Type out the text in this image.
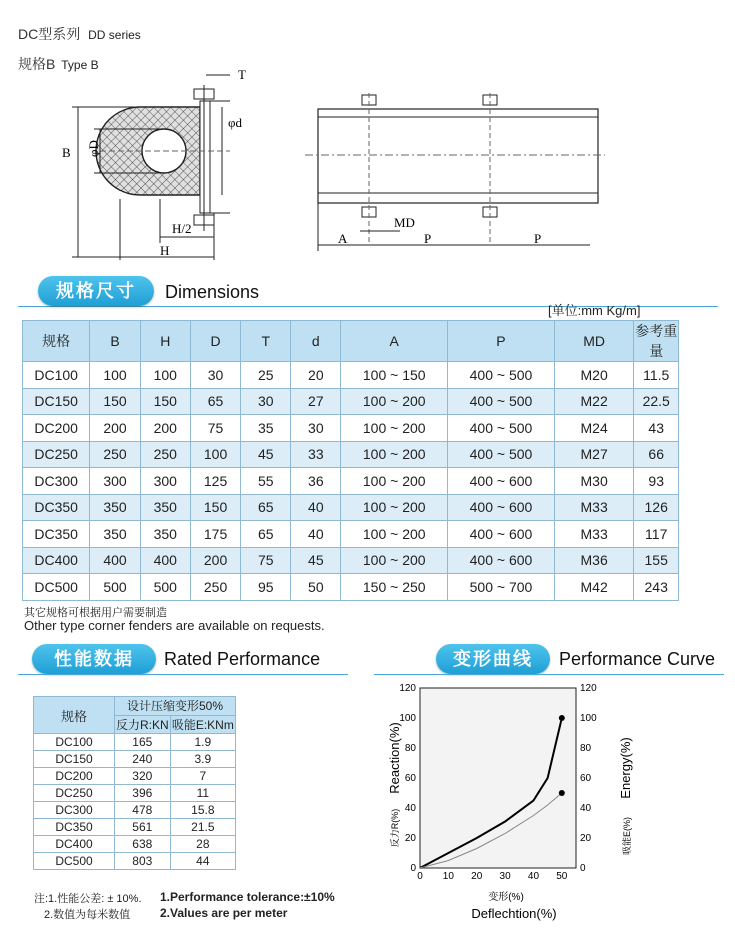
DC型系列 DD series
规格B Type B
T
φd
B φD
H/2
H
MD
A	P	P
规格尺寸	Dimensions
[单位:mm Kg/m]
规格	B	H	D	T	d	A	P	MD	参考重量
DC100	100	100	30	25	20	100 ~ 150	400 ~ 500	M20	11.5
DC150	150	150	65	30	27	100 ~ 200	400 ~ 500	M22	22.5
DC200	200	200	75	35	30	100 ~ 200	400 ~ 500	M24	43
DC250	250	250	100	45	33	100 ~ 200	400 ~ 500	M27	66
DC300	300	300	125	55	36	100 ~ 200	400 ~ 600	M30	93
DC350	350	350	150	65	40	100 ~ 200	400 ~ 600	M33	126
DC350	350	350	175	65	40	100 ~ 200	400 ~ 600	M33	117
DC400	400	400	200	75	45	100 ~ 200	400 ~ 600	M36	155
DC500	500	500	250	95	50	150 ~ 250	500 ~ 700	M42	243
其它规格可根据用户需要制造
Other type corner fenders are available on requests.
性能数据	Rated Performance
规格	设计压缩变形50%	
	反力R:KN	吸能E:KNm
DC100	165	1.9
DC150	240	3.9
DC200	320	7
DC250	396	11
DC300	478	15.8
DC350	561	21.5
DC400	638	28
DC500	803	44
注:1.性能公差: ± 10%.
2.数值为每米数值
1.Performance tolerance:±10%
2.Values are per meter
变形曲线	Performance Curve
0 10 20 30 40 50
0
20
40
60
80
100
120
0
20
40
60
80
100
120
变形(%)
Deflechtion(%)
反力R(%)
Reaction(%)
吸能E(%)
Energy(%)
